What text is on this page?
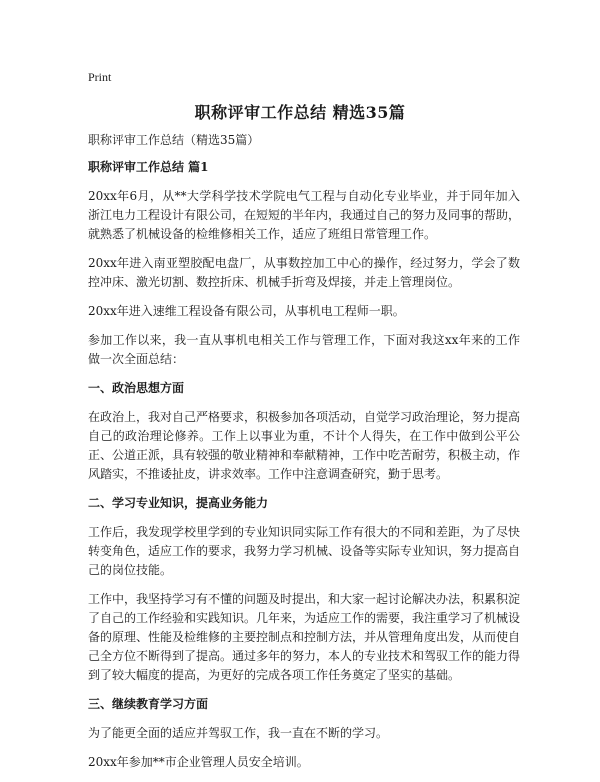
Print
职称评审工作总结 精选35篇
职称评审工作总结（精选35篇）
职称评审工作总结 篇1

20xx年6月，从**大学科学技术学院电气工程与自动化专业毕业，并于同年加入浙江电力工程设计有限公司，在短短的半年内，我通过自己的努力及同事的帮助，就熟悉了机械设备的检维修相关工作，适应了班组日常管理工作。

20xx年进入南亚塑胶配电盘厂，从事数控加工中心的操作，经过努力，学会了数控冲床、激光切割、数控折床、机械手折弯及焊接，并走上管理岗位。

20xx年进入速维工程设备有限公司，从事机电工程师一职。

参加工作以来，我一直从事机电相关工作与管理工作，下面对我这xx年来的工作做一次全面总结：

一、政治思想方面

在政治上，我对自己严格要求，积极参加各项活动，自觉学习政治理论，努力提高自己的政治理论修养。工作上以事业为重，不计个人得失，在工作中做到公平公正、公道正派，具有较强的敬业精神和奉献精神，工作中吃苦耐劳，积极主动，作风踏实，不推诿扯皮，讲求效率。工作中注意调查研究，勤于思考。

二、学习专业知识，提高业务能力

工作后，我发现学校里学到的专业知识同实际工作有很大的不同和差距，为了尽快转变角色，适应工作的要求，我努力学习机械、设备等实际专业知识，努力提高自己的岗位技能。

工作中，我坚持学习有不懂的问题及时提出，和大家一起讨论解决办法，积累积淀了自己的工作经验和实践知识。几年来，为适应工作的需要，我注重学习了机械设备的原理、性能及检维修的主要控制点和控制方法，并从管理角度出发，从而使自己全方位不断得到了提高。通过多年的努力，本人的专业技术和驾驭工作的能力得到了较大幅度的提高，为更好的完成各项工作任务奠定了坚实的基础。

三、继续教育学习方面

为了能更全面的适应并驾驭工作，我一直在不断的学习。

20xx年参加**市企业管理人员安全培训。
